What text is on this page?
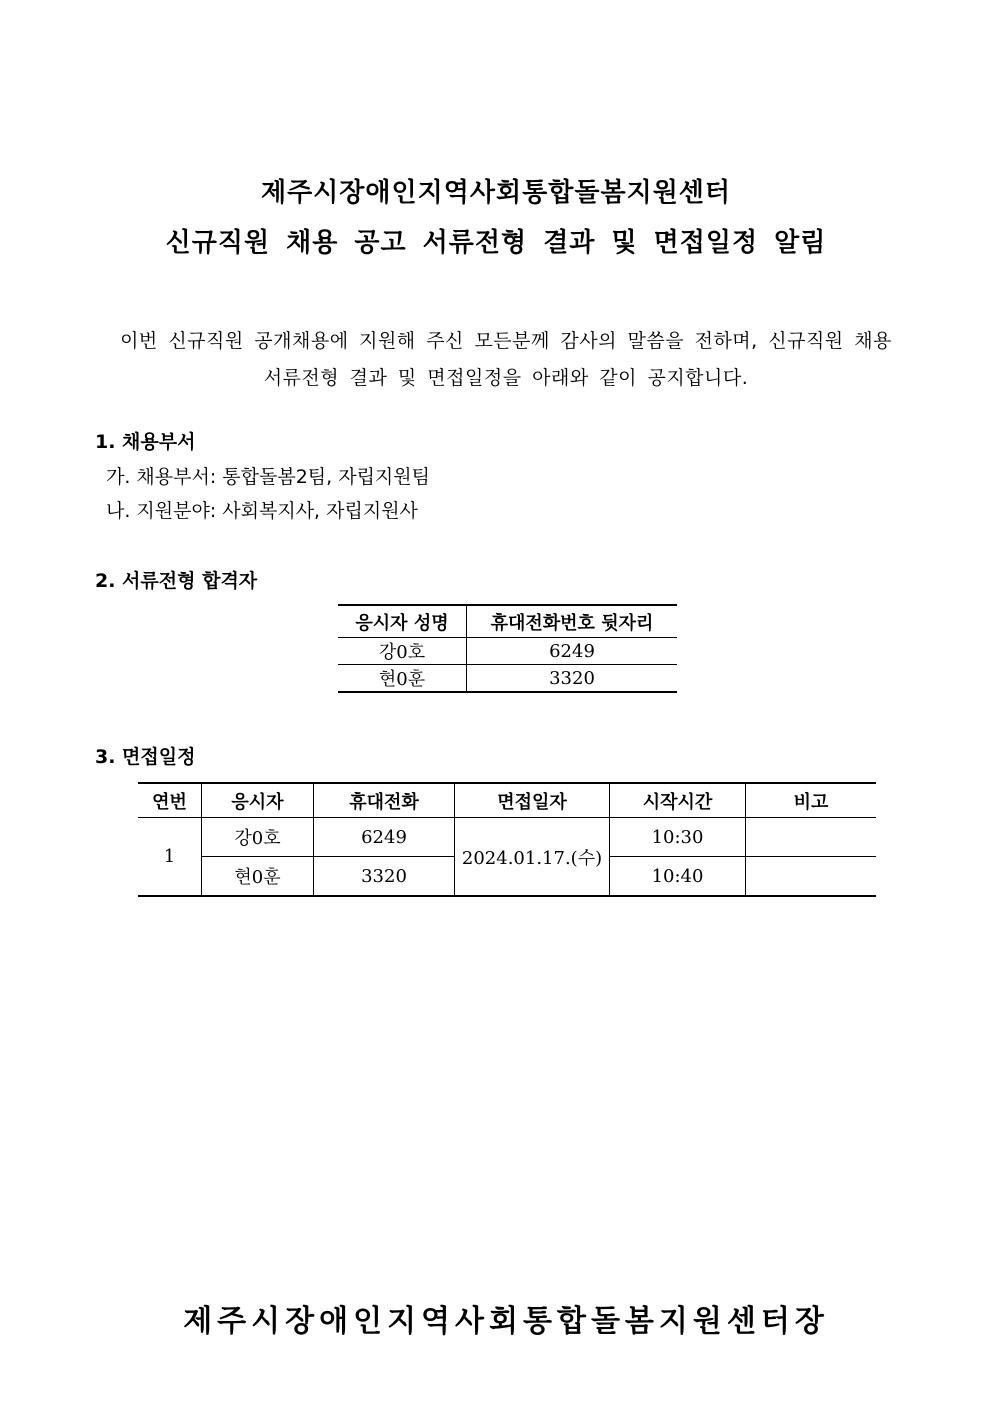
제주시장애인지역사회통합돌봄지원센터
신규직원 채용 공고 서류전형 결과 및 면접일정 알림
이번 신규직원 공개채용에 지원해 주신 모든분께 감사의 말씀을 전하며, 신규직원 채용
서류전형 결과 및 면접일정을 아래와 같이 공지합니다.
1. 채용부서
가. 채용부서: 통합돌봄2팀, 자립지원팀
나. 지원분야: 사회복지사, 자립지원사
2. 서류전형 합격자
응시자 성명	휴대전화번호 뒷자리
강0호	6249
현0훈	3320
3. 면접일정
연번	응시자	휴대전화	면접일자	시작시간	비고
1	강0호	6249	2024.01.17.(수)	10:30	
	현0훈	3320		10:40	
제주시장애인지역사회통합돌봄지원센터장
